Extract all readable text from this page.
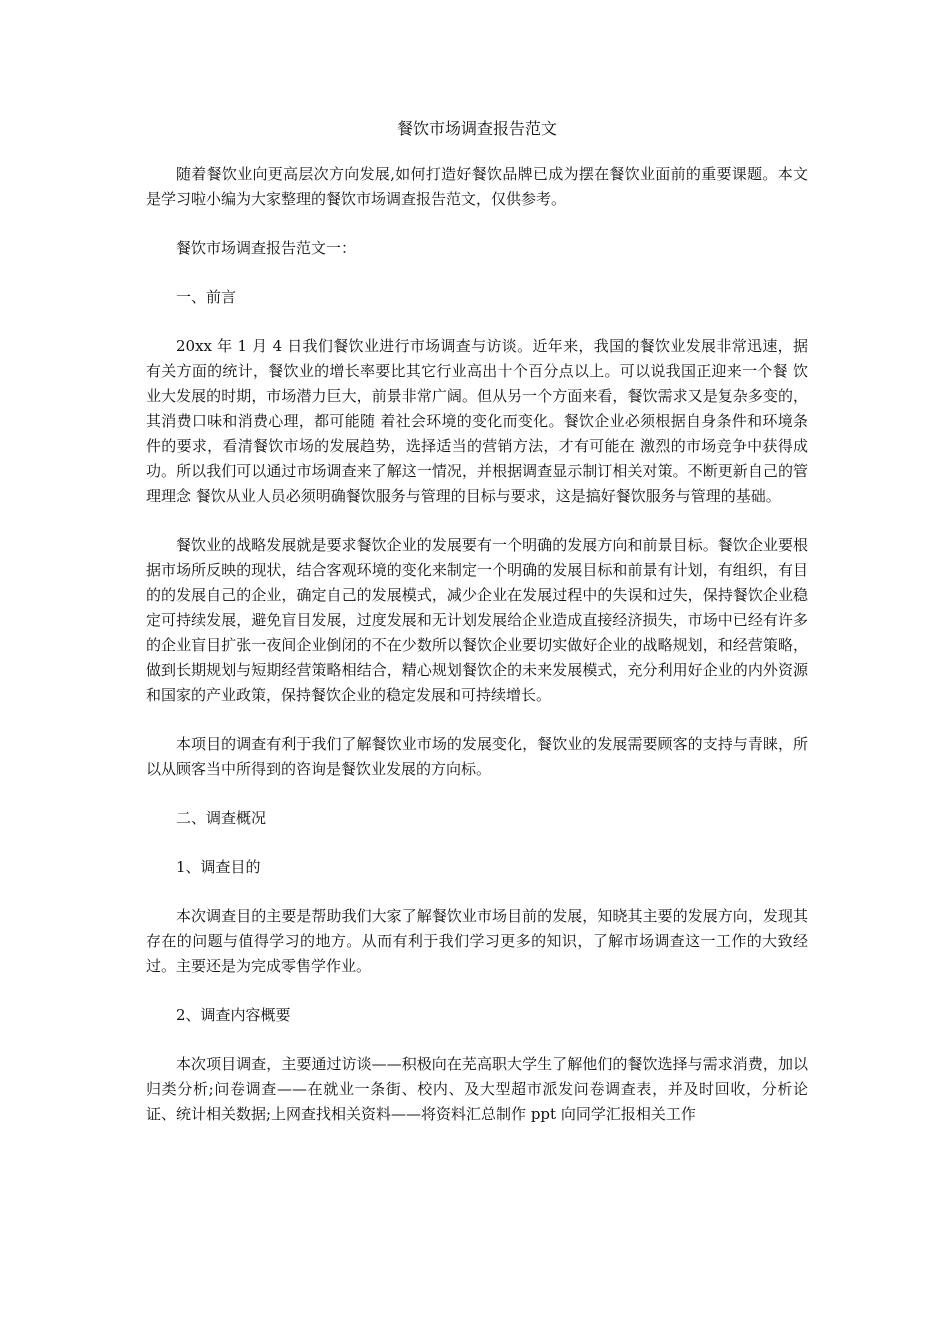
餐饮市场调查报告范文

随着餐饮业向更高层次方向发展,如何打造好餐饮品牌已成为摆在餐饮业面前的重要课题。本文是学习啦小编为大家整理的餐饮市场调查报告范文，仅供参考。

餐饮市场调查报告范文一：

一、前言

20xx 年 1 月 4 日我们餐饮业进行市场调查与访谈。近年来，我国的餐饮业发展非常迅速，据有关方面的统计，餐饮业的增长率要比其它行业高出十个百分点以上。可以说我国正迎来一个餐 饮业大发展的时期，市场潜力巨大，前景非常广阔。但从另一个方面来看，餐饮需求又是复杂多变的，其消费口味和消费心理，都可能随 着社会环境的变化而变化。餐饮企业必须根据自身条件和环境条件的要求，看清餐饮市场的发展趋势，选择适当的营销方法，才有可能在 激烈的市场竞争中获得成功。所以我们可以通过市场调查来了解这一情况，并根据调查显示制订相关对策。不断更新自己的管理理念 餐饮从业人员必须明确餐饮服务与管理的目标与要求，这是搞好餐饮服务与管理的基础。

餐饮业的战略发展就是要求餐饮企业的发展要有一个明确的发展方向和前景目标。餐饮企业要根据市场所反映的现状，结合客观环境的变化来制定一个明确的发展目标和前景有计划，有组织，有目的的发展自己的企业，确定自己的发展模式，减少企业在发展过程中的失误和过失，保持餐饮企业稳定可持续发展，避免盲目发展，过度发展和无计划发展给企业造成直接经济损失，市场中已经有许多的企业盲目扩张一夜间企业倒闭的不在少数所以餐饮企业要切实做好企业的战略规划，和经营策略，做到长期规划与短期经营策略相结合，精心规划餐饮企的未来发展模式，充分利用好企业的内外资源和国家的产业政策，保持餐饮企业的稳定发展和可持续增长。

本项目的调查有利于我们了解餐饮业市场的发展变化，餐饮业的发展需要顾客的支持与青睐，所以从顾客当中所得到的咨询是餐饮业发展的方向标。

二、调查概况

1、调查目的

本次调查目的主要是帮助我们大家了解餐饮业市场目前的发展，知晓其主要的发展方向，发现其存在的问题与值得学习的地方。从而有利于我们学习更多的知识，了解市场调查这一工作的大致经过。主要还是为完成零售学作业。

2、调查内容概要

本次项目调查，主要通过访谈——积极向在芜高职大学生了解他们的餐饮选择与需求消费，加以归类分析;问卷调查——在就业一条街、校内、及大型超市派发问卷调查表，并及时回收，分析论证、统计相关数据;上网查找相关资料——将资料汇总制作 ppt 向同学汇报相关工作
